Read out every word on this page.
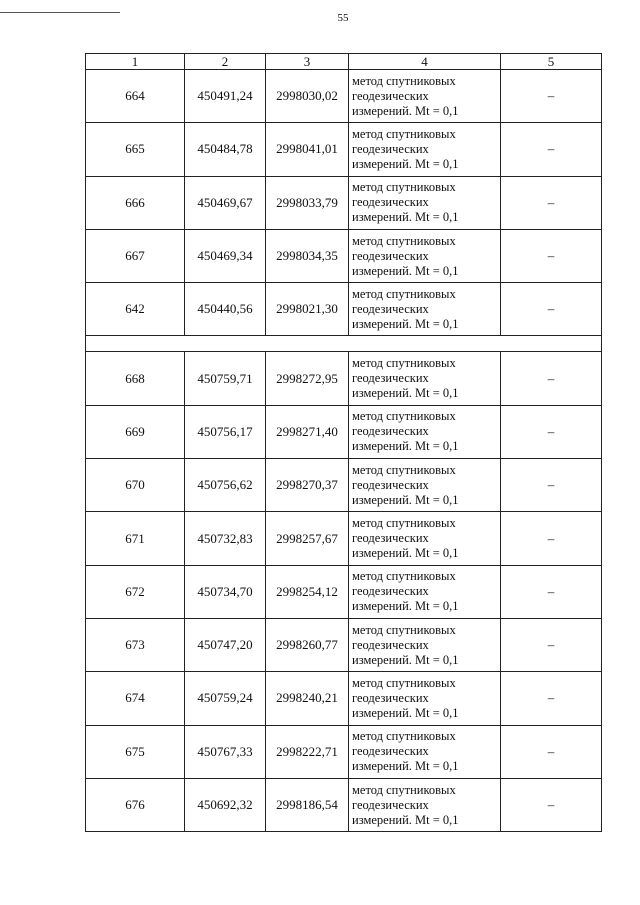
55
1	2	3	4	5
664	450491,24	2998030,02	метод спутниковых
геодезических
измерений. Mt = 0,1	–
665	450484,78	2998041,01	метод спутниковых
геодезических
измерений. Mt = 0,1	–
666	450469,67	2998033,79	метод спутниковых
геодезических
измерений. Mt = 0,1	–
667	450469,34	2998034,35	метод спутниковых
геодезических
измерений. Mt = 0,1	–
642	450440,56	2998021,30	метод спутниковых
геодезических
измерений. Mt = 0,1	–

668	450759,71	2998272,95	метод спутниковых
геодезических
измерений. Mt = 0,1	–
669	450756,17	2998271,40	метод спутниковых
геодезических
измерений. Mt = 0,1	–
670	450756,62	2998270,37	метод спутниковых
геодезических
измерений. Mt = 0,1	–
671	450732,83	2998257,67	метод спутниковых
геодезических
измерений. Mt = 0,1	–
672	450734,70	2998254,12	метод спутниковых
геодезических
измерений. Mt = 0,1	–
673	450747,20	2998260,77	метод спутниковых
геодезических
измерений. Mt = 0,1	–
674	450759,24	2998240,21	метод спутниковых
геодезических
измерений. Mt = 0,1	–
675	450767,33	2998222,71	метод спутниковых
геодезических
измерений. Mt = 0,1	–
676	450692,32	2998186,54	метод спутниковых
геодезических
измерений. Mt = 0,1	–
